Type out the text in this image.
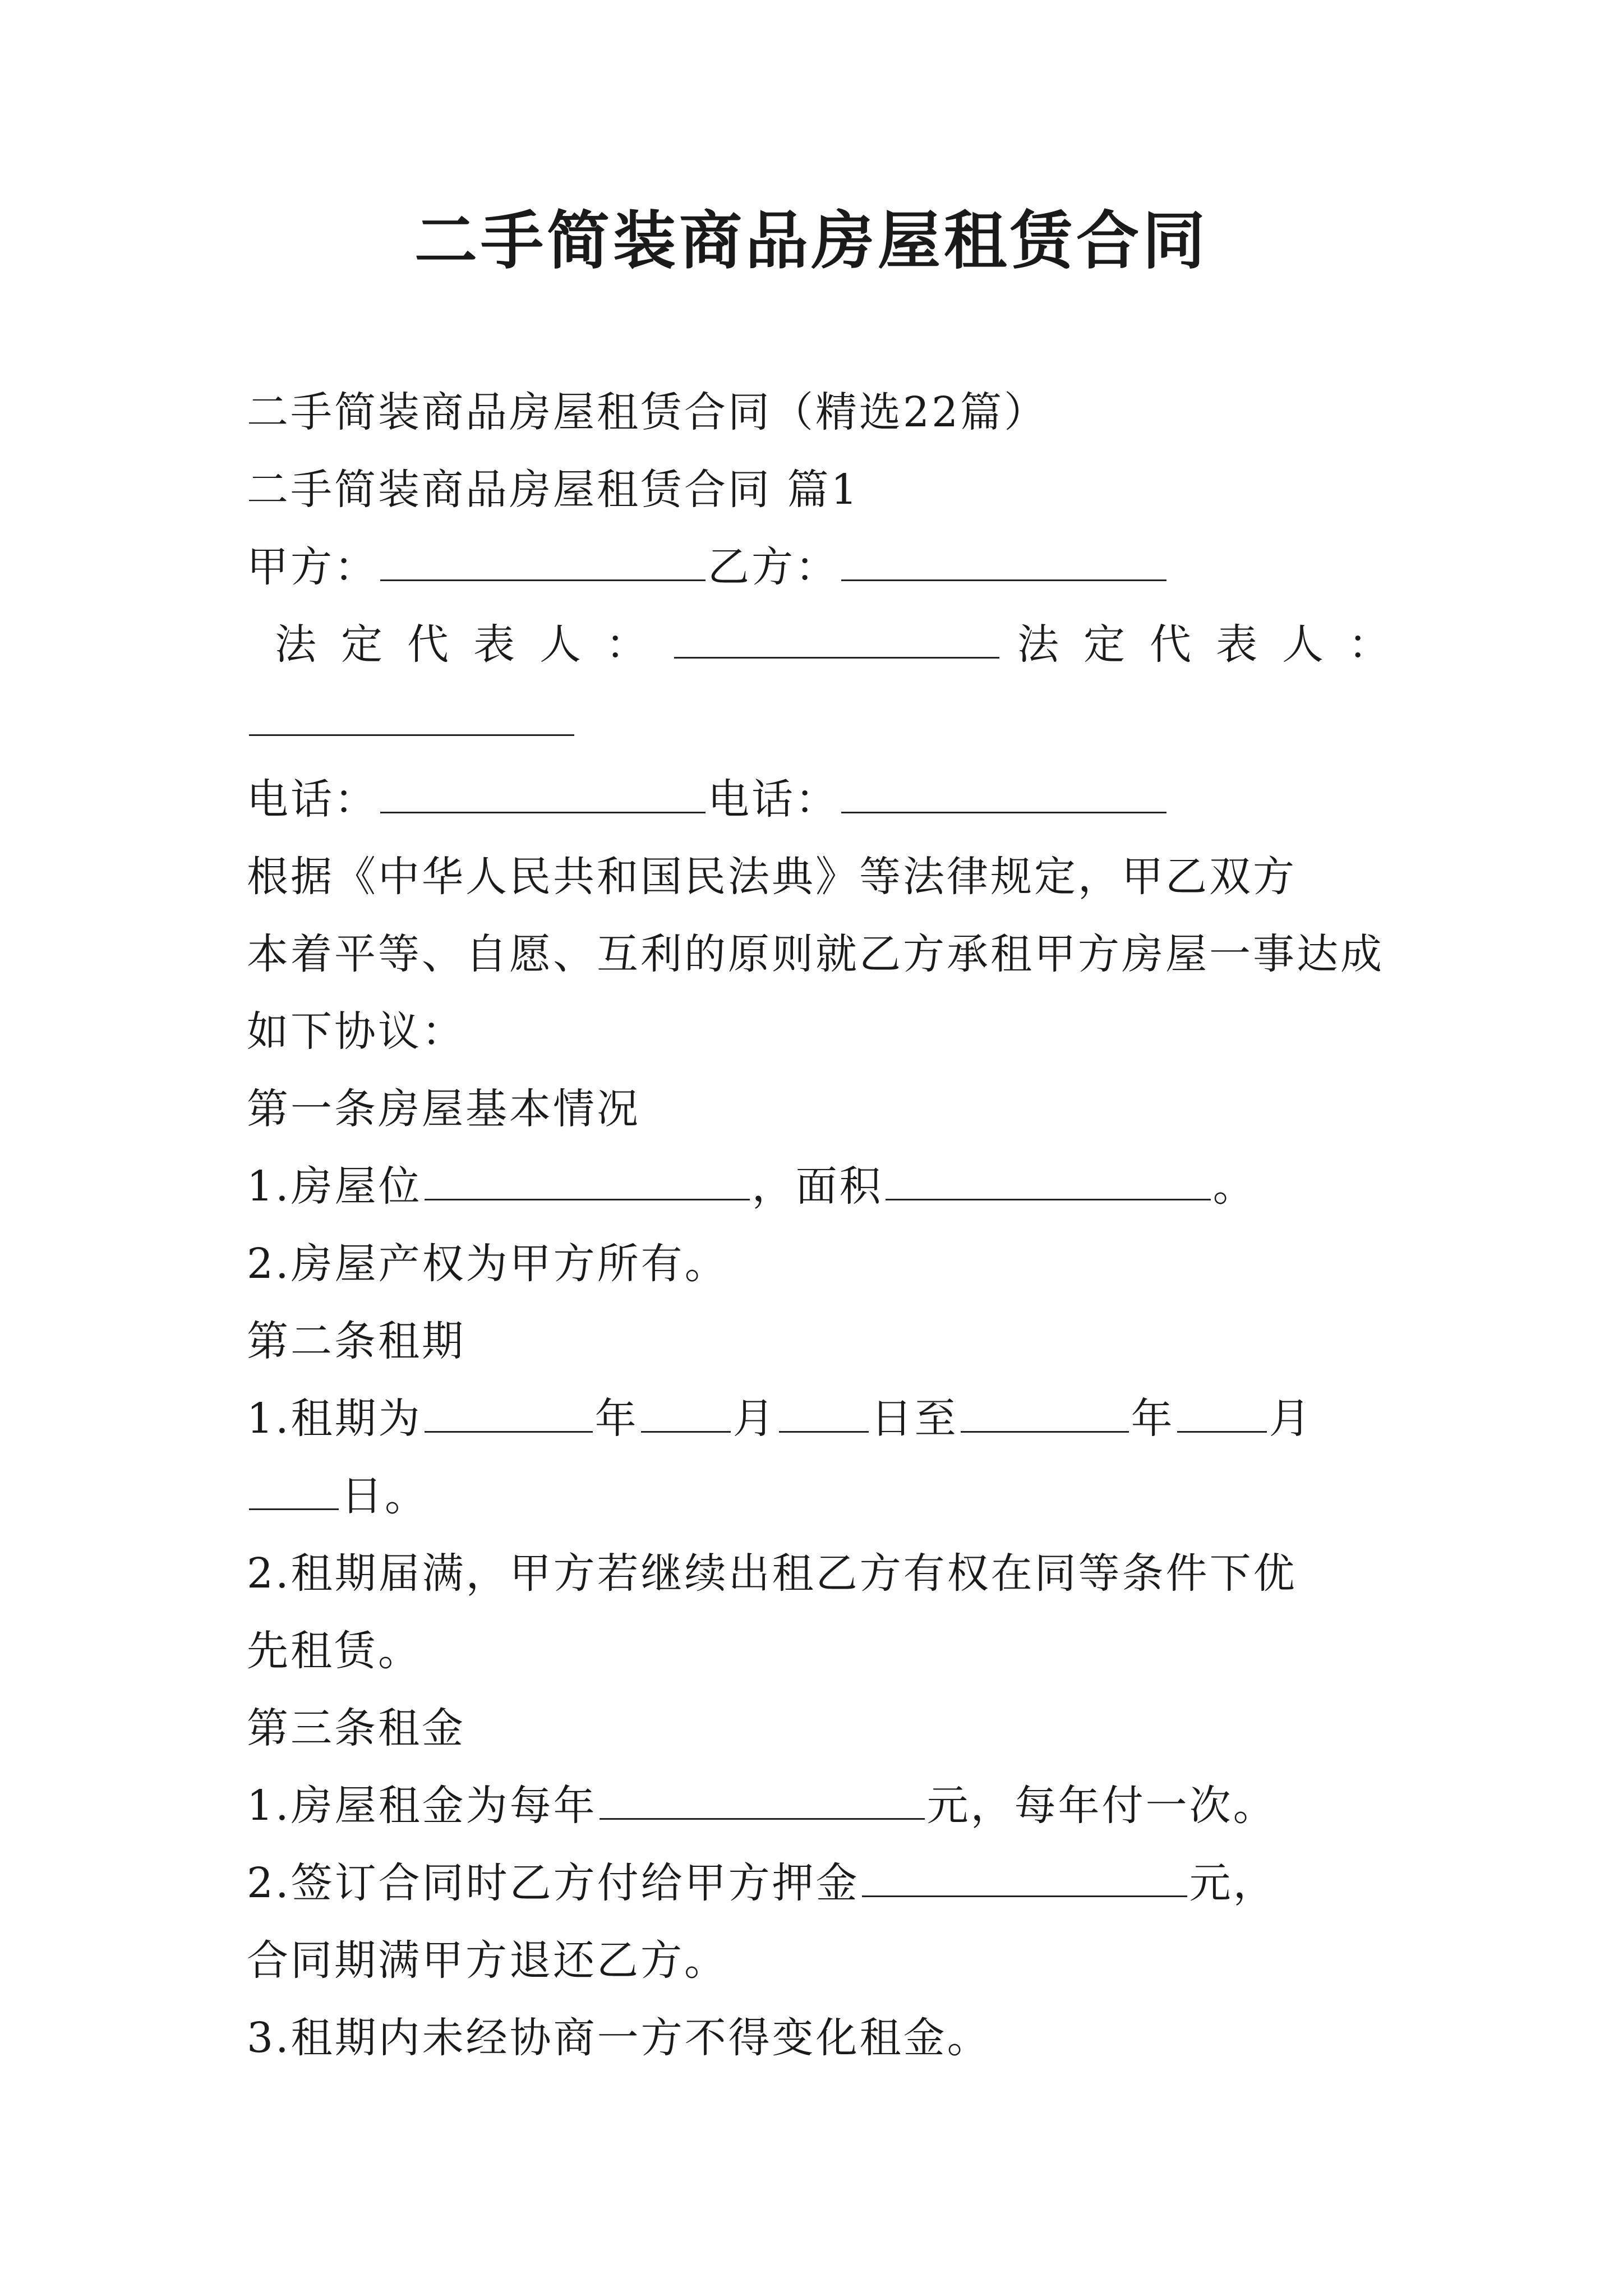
二手简装商品房屋租赁合同
二手简装商品房屋租赁合同（精选22篇）
二手简装商品房屋租赁合同 篇1
甲方：	乙方：
法定代表人：	法定代表人：
电话：	电话：
根据《中华人民共和国民法典》等法律规定，甲乙双方
本着平等、自愿、互利的原则就乙方承租甲方房屋一事达成
如下协议：
第一条房屋基本情况
1.房屋位	，面积	。
2.房屋产权为甲方所有。
第二条租期
1.租期为	年 月 日至	年 月
日。
2.租期届满，甲方若继续出租乙方有权在同等条件下优
先租赁。
第三条租金
1.房屋租金为每年	元，每年付一次。
2.签订合同时乙方付给甲方押金	元，
合同期满甲方退还乙方。
3.租期内未经协商一方不得变化租金。
